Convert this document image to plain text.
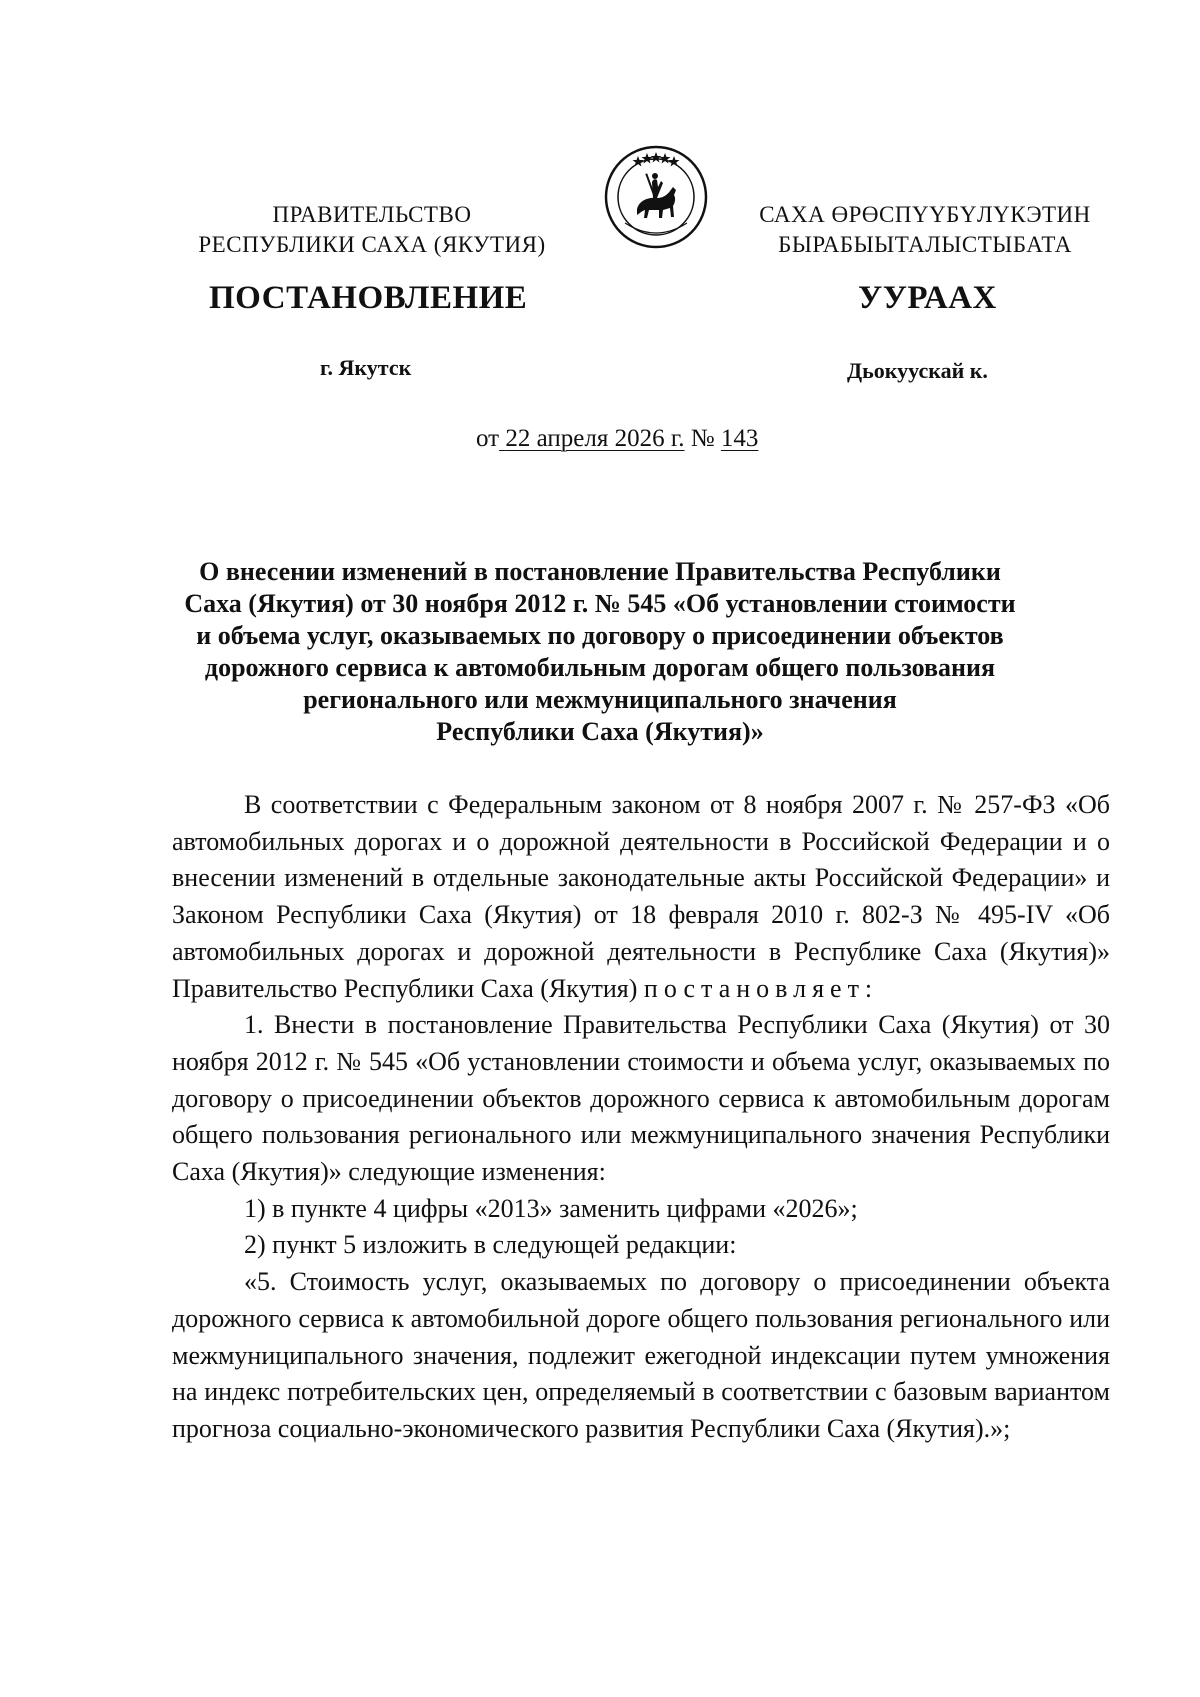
ПРАВИТЕЛЬСТВО
РЕСПУБЛИКИ САХА (ЯКУТИЯ)
САХА ӨРӨСПҮҮБҮЛҮКЭТИН
БЫРАБЫЫТАЛЫСТЫБАТА
ПОСТАНОВЛЕНИЕ	УУРААХ
г. Якутск	Дьокуускай к.
от 22 апреля 2026 г. № 143
О внесении изменений в постановление Правительства Республики
Саха (Якутия) от 30 ноября 2012 г. № 545 «Об установлении стоимости
и объема услуг, оказываемых по договору о присоединении объектов
дорожного сервиса к автомобильным дорогам общего пользования
регионального или межмуниципального значения
Республики Саха (Якутия)»

В соответствии с Федеральным законом от 8 ноября 2007 г. № 257-ФЗ «Об автомобильных дорогах и о дорожной деятельности в Российской Федерации и о внесении изменений в отдельные законодательные акты Российской Федерации» и Законом Республики Саха (Якутия) от 18 февраля 2010 г. 802-З № 495-IV «Об автомобильных дорогах и дорожной деятельности в Республике Саха (Якутия)» Правительство Республики Саха (Якутия) постановляет:

1. Внести в постановление Правительства Республики Саха (Якутия) от 30 ноября 2012 г. № 545 «Об установлении стоимости и объема услуг, оказываемых по договору о присоединении объектов дорожного сервиса к автомобильным дорогам общего пользования регионального или межмуниципального значения Республики Саха (Якутия)» следующие изменения:

1) в пункте 4 цифры «2013» заменить цифрами «2026»;

2) пункт 5 изложить в следующей редакции:

«5. Стоимость услуг, оказываемых по договору о присоединении объекта дорожного сервиса к автомобильной дороге общего пользования регионального или межмуниципального значения, подлежит ежегодной индексации путем умножения на индекс потребительских цен, определяемый в соответствии с базовым вариантом прогноза социально-экономического развития Республики Саха (Якутия).»;
